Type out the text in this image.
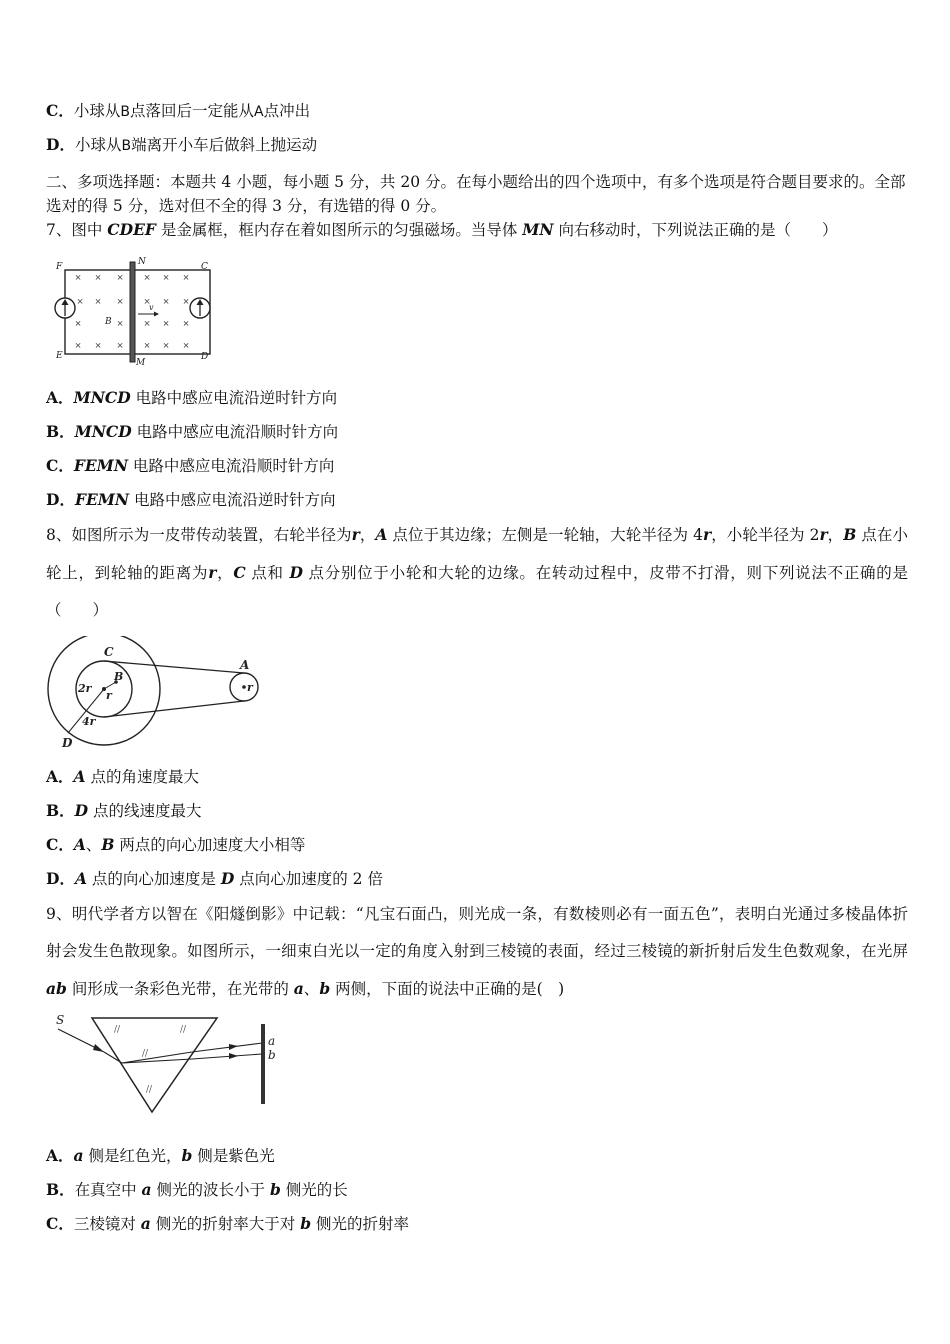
C．小球从B点落回后一定能从A点冲出
D．小球从B端离开小车后做斜上抛运动
二、多项选择题：本题共 4 小题，每小题 5 分，共 20 分。在每小题给出的四个选项中，有多个选项是符合题目要求的。全部选对的得 5 分，选对但不全的得 3 分，有选错的得 0 分。
7、图中 CDEF 是金属框，框内存在着如图所示的匀强磁场。当导体 MN 向右移动时，下列说法正确的是（　　）
× × × × × ×
× × × × × ×
×	× × × ×
× × × × × ×
F	N	C
E
M
D
B
v
A．MNCD 电路中感应电流沿逆时针方向
B．MNCD 电路中感应电流沿顺时针方向
C．FEMN 电路中感应电流沿顺时针方向
D．FEMN 电路中感应电流沿逆时针方向
8、如图所示为一皮带传动装置，右轮半径为r，A 点位于其边缘；左侧是一轮轴，大轮半径为 4r，小轮半径为 2r，B 点在小轮上，到轮轴的距离为r，C 点和 D 点分别位于小轮和大轮的边缘。在转动过程中，皮带不打滑，则下列说法不正确的是（　　）
C
A
B
r
2r
4r
r
D
A．A 点的角速度最大
B．D 点的线速度最大
C．A、B 两点的向心加速度大小相等
D．A 点的向心加速度是 D 点向心加速度的 2 倍
9、明代学者方以智在《阳燧倒影》中记载：“凡宝石面凸，则光成一条，有数棱则必有一面五色”，表明白光通过多棱晶体折射会发生色散现象。如图所示，一细束白光以一定的角度入射到三棱镜的表面，经过三棱镜的新折射后发生色数观象，在光屏 ab 间形成一条彩色光带，在光带的 a、b 两侧，下面的说法中正确的是(　)
//	//
//
//
S
a
b
A．a 侧是红色光，b 侧是紫色光
B．在真空中 a 侧光的波长小于 b 侧光的长
C．三棱镜对 a 侧光的折射率大于对 b 侧光的折射率
